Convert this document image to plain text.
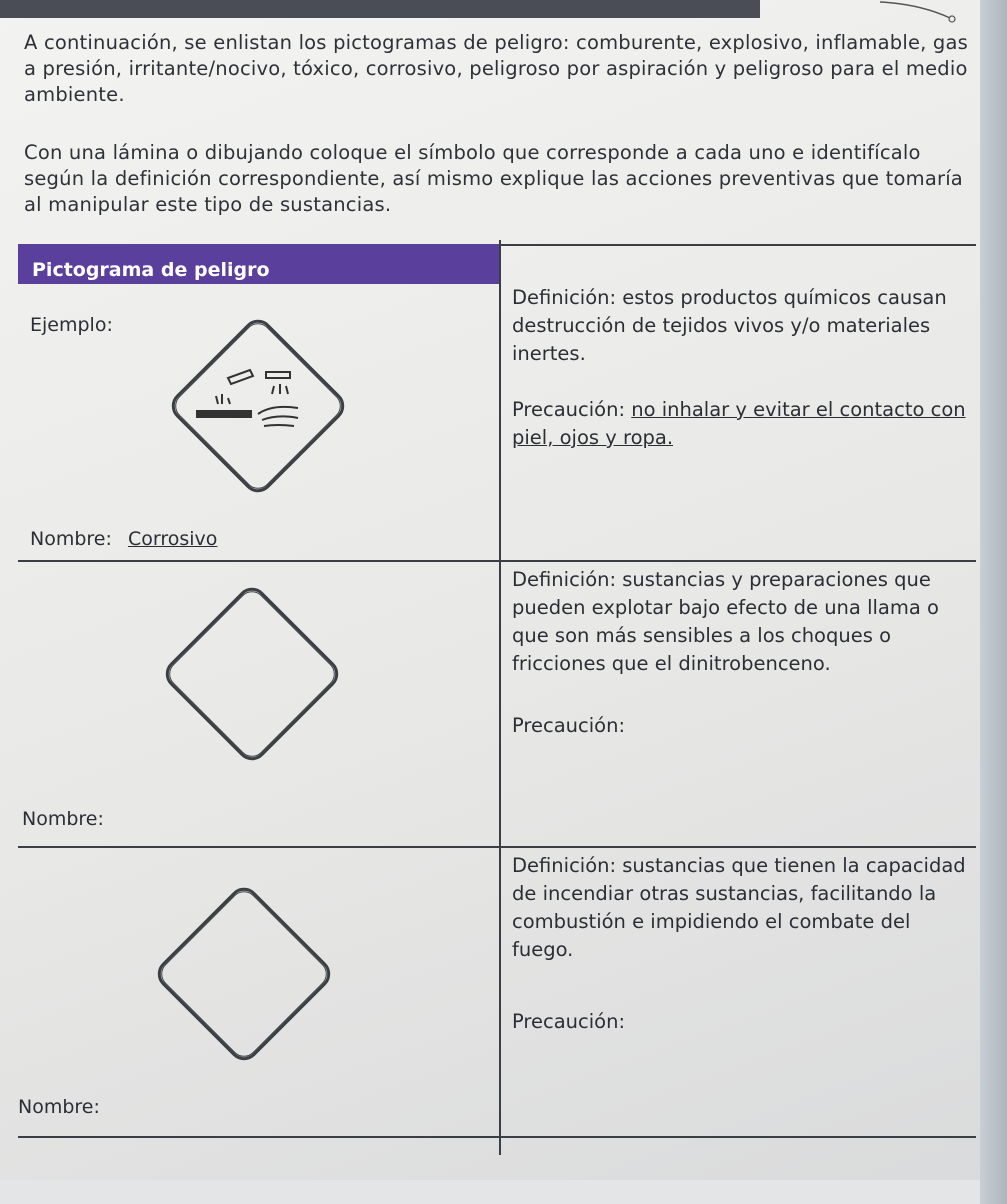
A continuación, se enlistan los pictogramas de peligro: comburente, explosivo, inflamable, gas a presión, irritante/nocivo, tóxico, corrosivo, peligroso por aspiración y peligroso para el medio ambiente.
Con una lámina o dibujando coloque el símbolo que corresponde a cada uno e identifícalo según la definición correspondiente, así mismo explique las acciones preventivas que tomaría al manipular este tipo de sustancias.
Pictograma de peligro
Ejemplo:
Nombre: Corrosivo
Definición: estos productos químicos causan destrucción de tejidos vivos y/o materiales inertes.
Precaución: no inhalar y evitar el contacto con piel, ojos y ropa.
Nombre:
Definición: sustancias y preparaciones que pueden explotar bajo efecto de una llama o que son más sensibles a los choques o fricciones que el dinitrobenceno.
Precaución:
Nombre:
Definición: sustancias que tienen la capacidad de incendiar otras sustancias, facilitando la combustión e impidiendo el combate del fuego.
Precaución:
